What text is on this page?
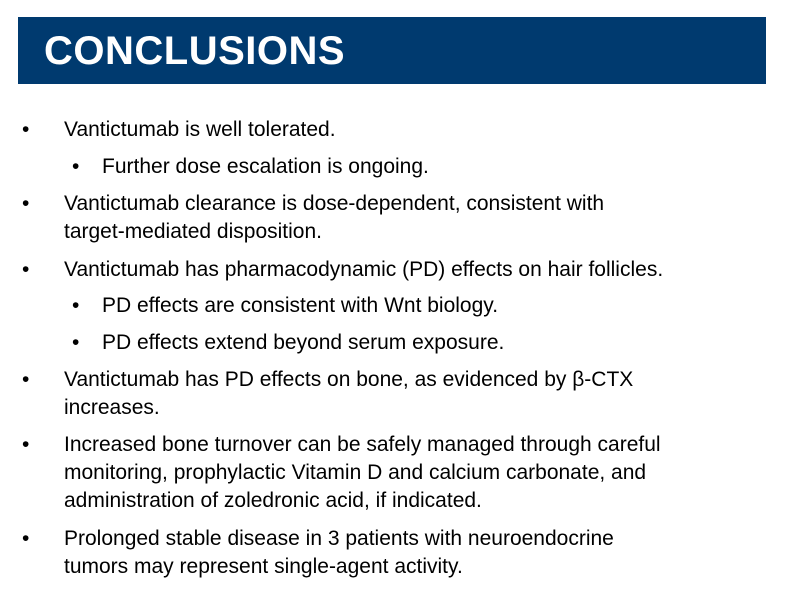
CONCLUSIONS
• Vantictumab is well tolerated.
• Further dose escalation is ongoing.
• Vantictumab clearance is dose-dependent, consistent with
target-mediated disposition.
• Vantictumab has pharmacodynamic (PD) effects on hair follicles.
• PD effects are consistent with Wnt biology.
• PD effects extend beyond serum exposure.
• Vantictumab has PD effects on bone, as evidenced by β-CTX
increases.
• Increased bone turnover can be safely managed through careful
monitoring, prophylactic Vitamin D and calcium carbonate, and
administration of zoledronic acid, if indicated.
• Prolonged stable disease in 3 patients with neuroendocrine
tumors may represent single-agent activity.
